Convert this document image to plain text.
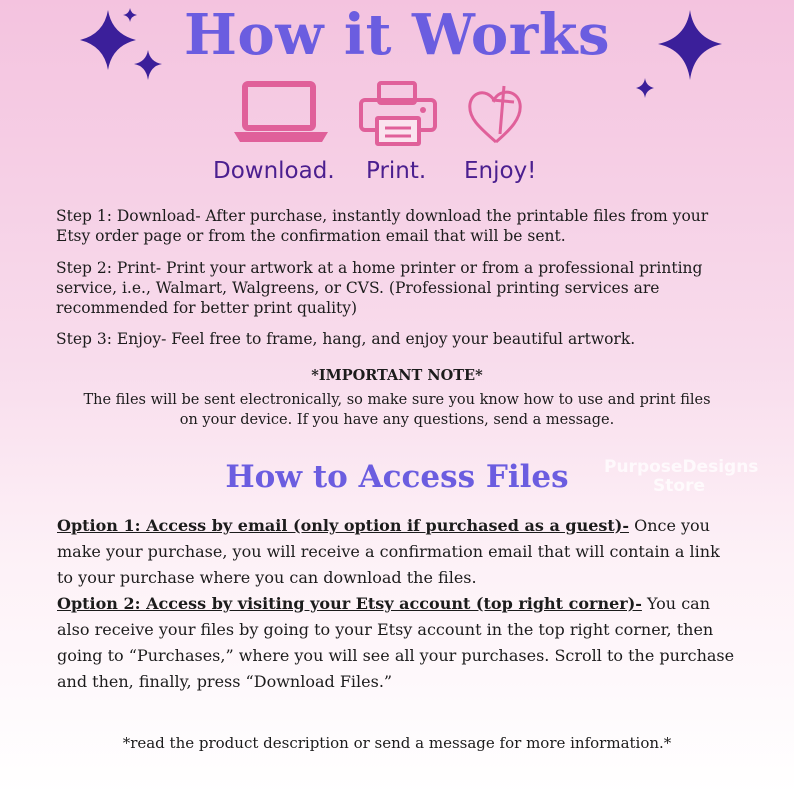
How it Works
Download. Print. Enjoy!
Step 1: Download- After purchase, instantly download the printable files from your Etsy order page or from the confirmation email that will be sent.
Step 2: Print- Print your artwork at a home printer or from a professional printing service, i.e., Walmart, Walgreens, or CVS. (Professional printing services are recommended for better print quality)
Step 3: Enjoy- Feel free to frame, hang, and enjoy your beautiful artwork.
*IMPORTANT NOTE*
The files will be sent electronically, so make sure you know how to use and print files on your device. If you have any questions, send a message.
How to Access Files	PurposeDesigns
Store
Option 1: Access by email (only option if purchased as a guest)- Once you make your purchase, you will receive a confirmation email that will contain a link to your purchase where you can download the files.
Option 2: Access by visiting your Etsy account (top right corner)- You can also receive your files by going to your Etsy account in the top right corner, then going to “Purchases,” where you will see all your purchases. Scroll to the purchase and then, finally, press “Download Files.”
*read the product description or send a message for more information.*
